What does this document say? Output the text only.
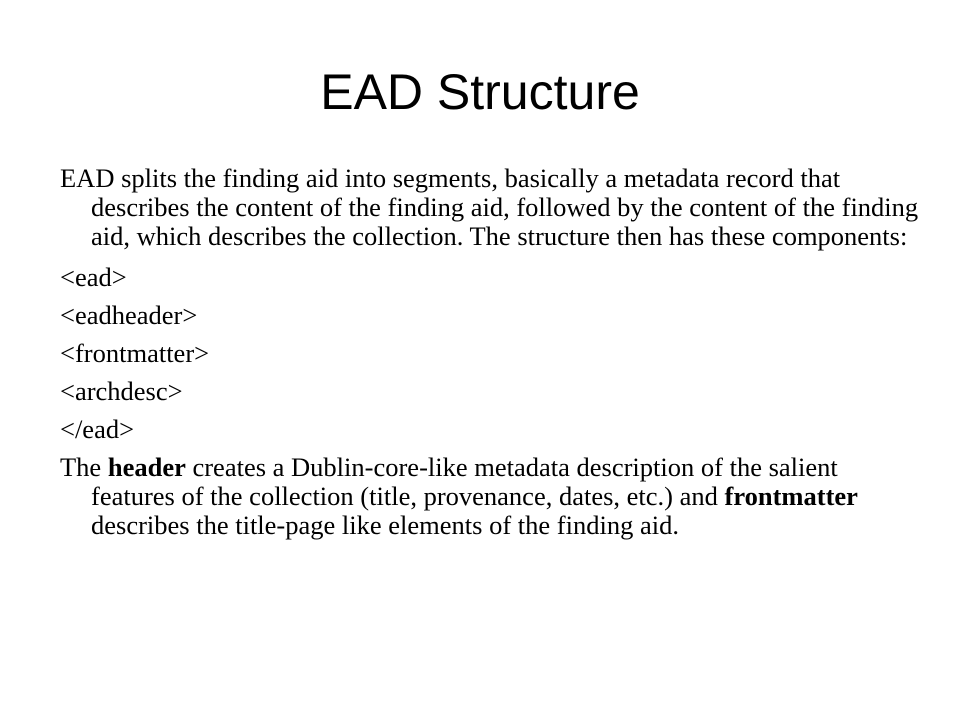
EAD Structure

EAD splits the finding aid into segments, basically a metadata record that describes the content of the finding aid, followed by the content of the finding aid, which describes the collection. The structure then has these components:

<ead>
<eadheader>
<frontmatter>
<archdesc>
</ead>

The header creates a Dublin-core-like metadata description of the salient features of the collection (title, provenance, dates, etc.) and frontmatter describes the title-page like elements of the finding aid.
